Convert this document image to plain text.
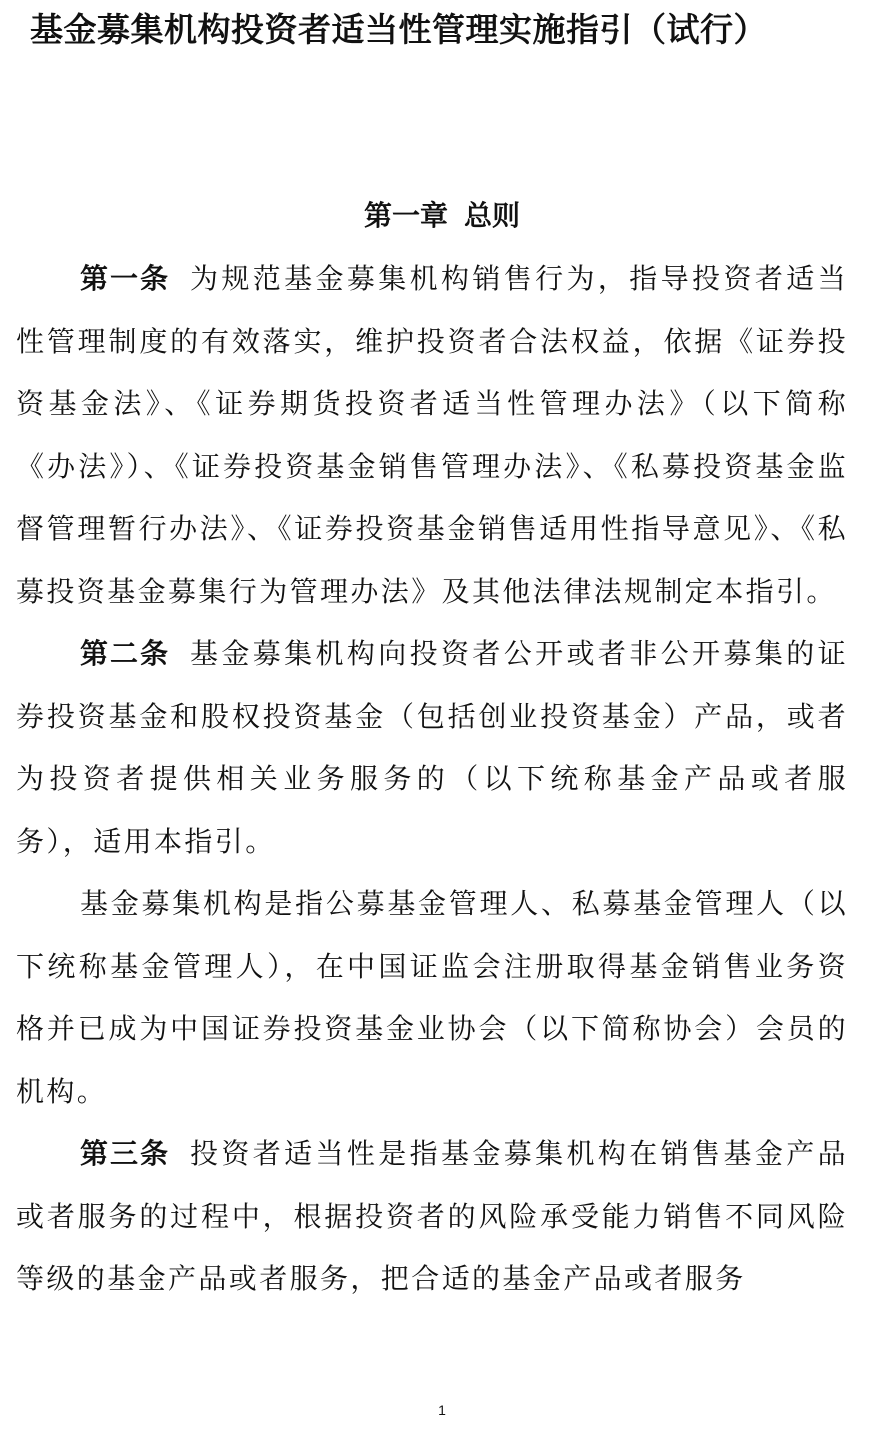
基金募集机构投资者适当性管理实施指引（试行）
第一章 总则

第一条 为规范基金募集机构销售行为，指导投资者适当性管理制度的有效落实，维护投资者合法权益，依据《证券投资基金法》、《证券期货投资者适当性管理办法》（以下简称《办法》）、《证券投资基金销售管理办法》、《私募投资基金监督管理暂行办法》、《证券投资基金销售适用性指导意见》、《私募投资基金募集行为管理办法》及其他法律法规制定本指引。

第二条 基金募集机构向投资者公开或者非公开募集的证券投资基金和股权投资基金（包括创业投资基金）产品，或者为投资者提供相关业务服务的（以下统称基金产品或者服务），适用本指引。

基金募集机构是指公募基金管理人、私募基金管理人（以下统称基金管理人），在中国证监会注册取得基金销售业务资格并已成为中国证券投资基金业协会（以下简称协会）会员的机构。

第三条 投资者适当性是指基金募集机构在销售基金产品或者服务的过程中，根据投资者的风险承受能力销售不同风险等级的基金产品或者服务，把合适的基金产品或者服务

1
